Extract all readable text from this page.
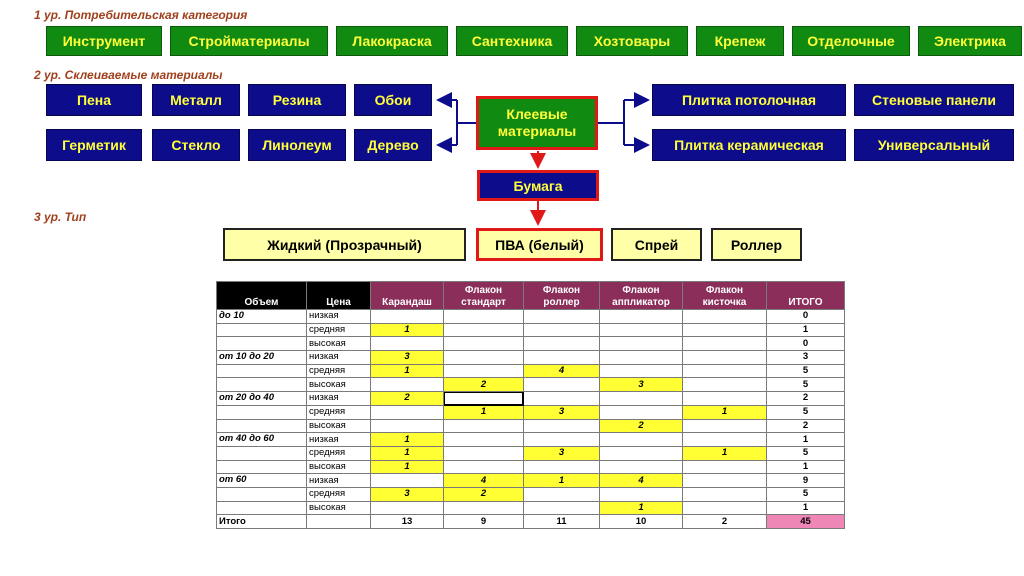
1 ур. Потребительская категория
2 ур. Склеиваемые материалы
3 ур. Тип
Инструмент	Стройматериалы	Лакокраска	Сантехника	Хозтовары	Крепеж	Отделочные	Электрика
Пена	Металл	Резина	Обои
Герметик	Стекло	Линолеум	Дерево
Клеевые материалы
Плитка потолочная	Стеновые панели
Плитка керамическая	Универсальный
Бумага
Жидкий (Прозрачный)	ПВА (белый)	Спрей	Роллер
Объем	Цена	Карандаш	Флакон стандарт	Флакон роллер	Флакон аппликатор	Флакон кисточка	ИТОГО
до 10	низкая						0
	средняя	1					1
	высокая						0
от 10 до 20	низкая	3					3
	средняя	1		4			5
	высокая		2		3		5
от 20 до 40	низкая	2					2
	средняя		1	3		1	5
	высокая				2		2
от 40 до 60	низкая	1					1
	средняя	1		3		1	5
	высокая	1					1
от 60	низкая		4	1	4		9
	средняя	3	2				5
	высокая				1		1
Итого		13	9	11	10	2	45
